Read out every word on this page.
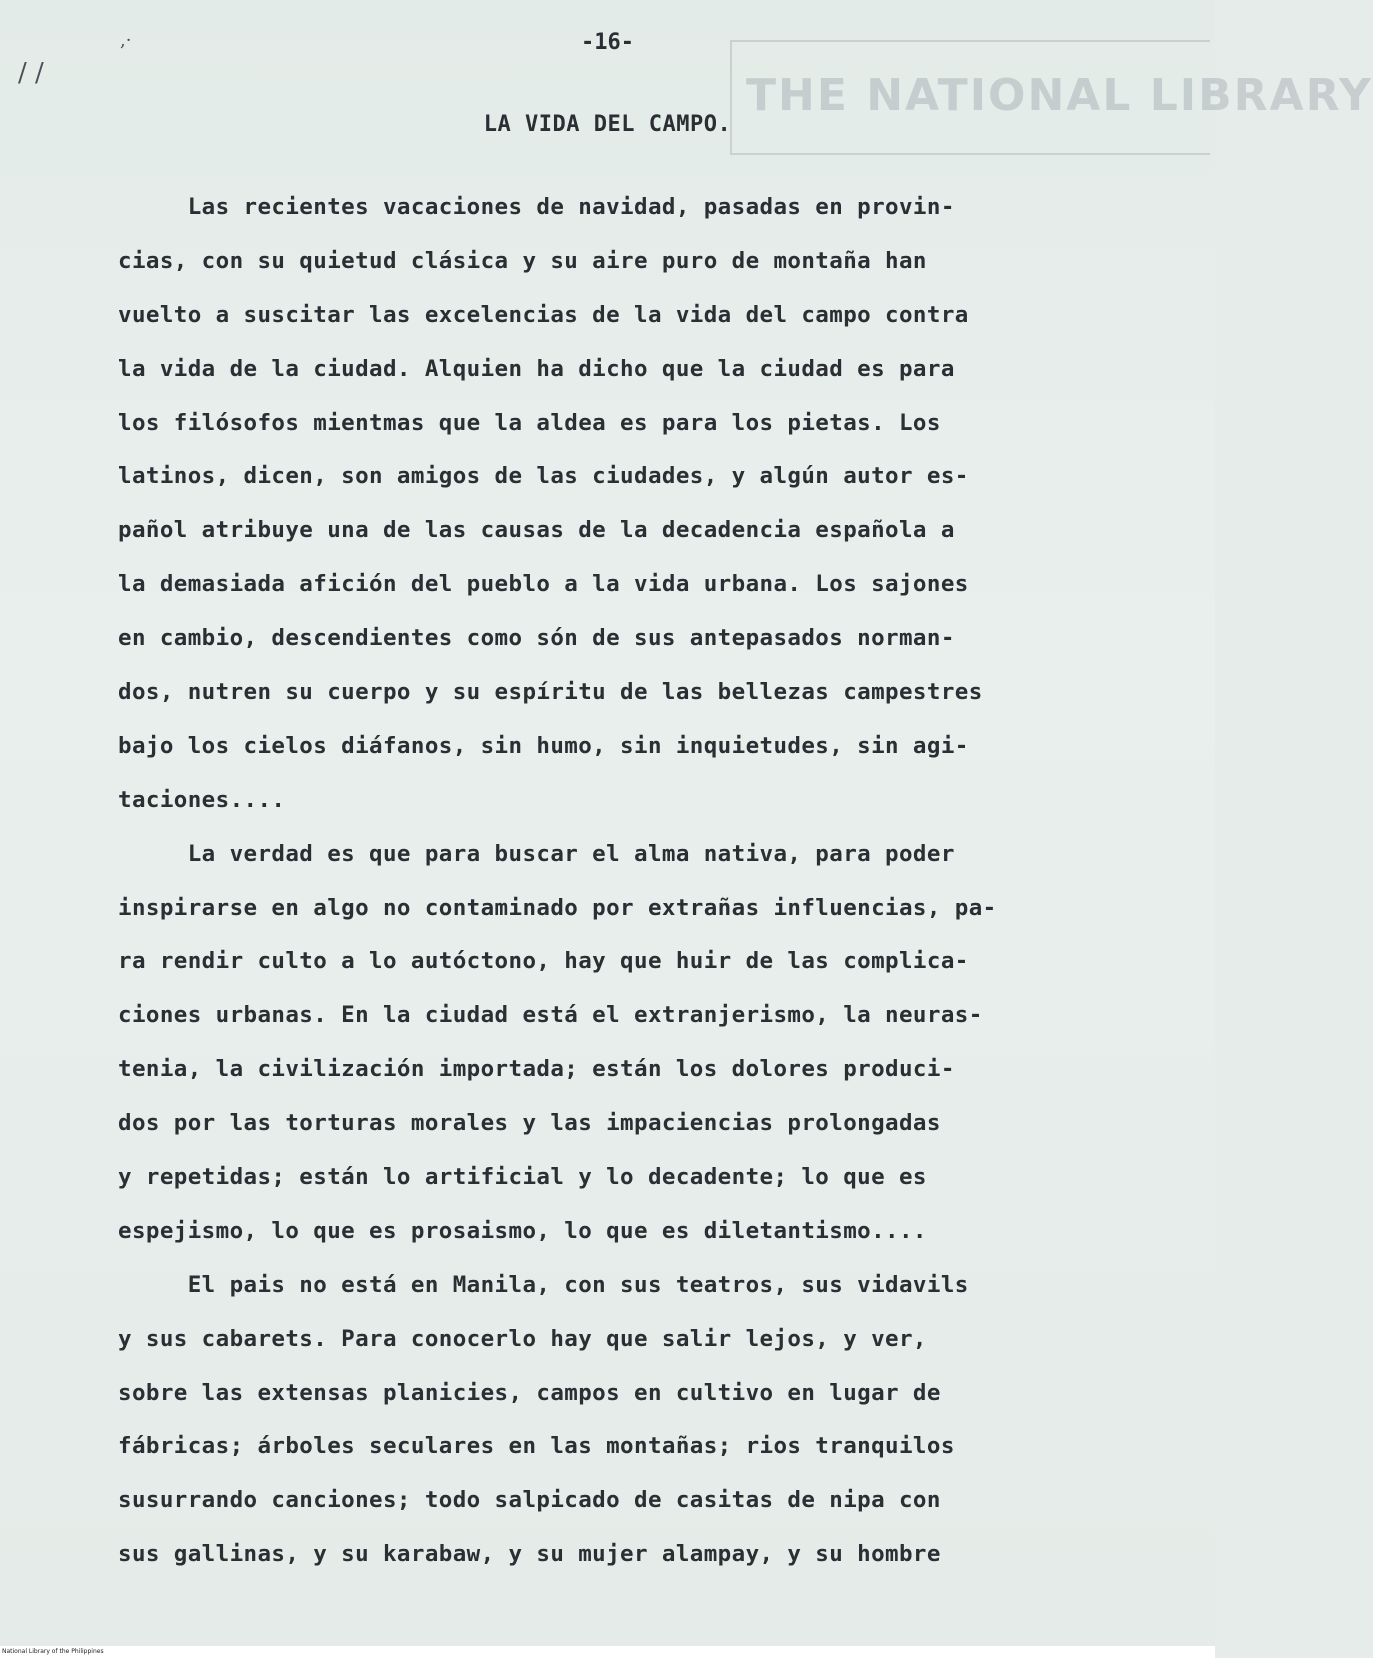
THE NATIONAL LIBRARY
/ /
,·	-16-
LA VIDA DEL CAMPO.
Las recientes vacaciones de navidad, pasadas en provin-
cias, con su quietud clásica y su aire puro de montaña han
vuelto a suscitar las excelencias de la vida del campo contra
la vida de la ciudad. Alquien ha dicho que la ciudad es para
los filósofos mientmas que la aldea es para los pietas. Los
latinos, dicen, son amigos de las ciudades, y algún autor es-
pañol atribuye una de las causas de la decadencia española a
la demasiada afición del pueblo a la vida urbana. Los sajones
en cambio, descendientes como són de sus antepasados norman-
dos, nutren su cuerpo y su espíritu de las bellezas campestres
bajo los cielos diáfanos, sin humo, sin inquietudes, sin agi-
taciones....
La verdad es que para buscar el alma nativa, para poder
inspirarse en algo no contaminado por extrañas influencias, pa-
ra rendir culto a lo autóctono, hay que huir de las complica-
ciones urbanas. En la ciudad está el extranjerismo, la neuras-
tenia, la civilización importada; están los dolores produci-
dos por las torturas morales y las impaciencias prolongadas
y repetidas; están lo artificial y lo decadente; lo que es
espejismo, lo que es prosaismo, lo que es diletantismo....
El pais no está en Manila, con sus teatros, sus vidavils
y sus cabarets. Para conocerlo hay que salir lejos, y ver,
sobre las extensas planicies, campos en cultivo en lugar de
fábricas; árboles seculares en las montañas; rios tranquilos
susurrando canciones; todo salpicado de casitas de nipa con
sus gallinas, y su karabaw, y su mujer alampay, y su hombre
National Library of the Philippines
